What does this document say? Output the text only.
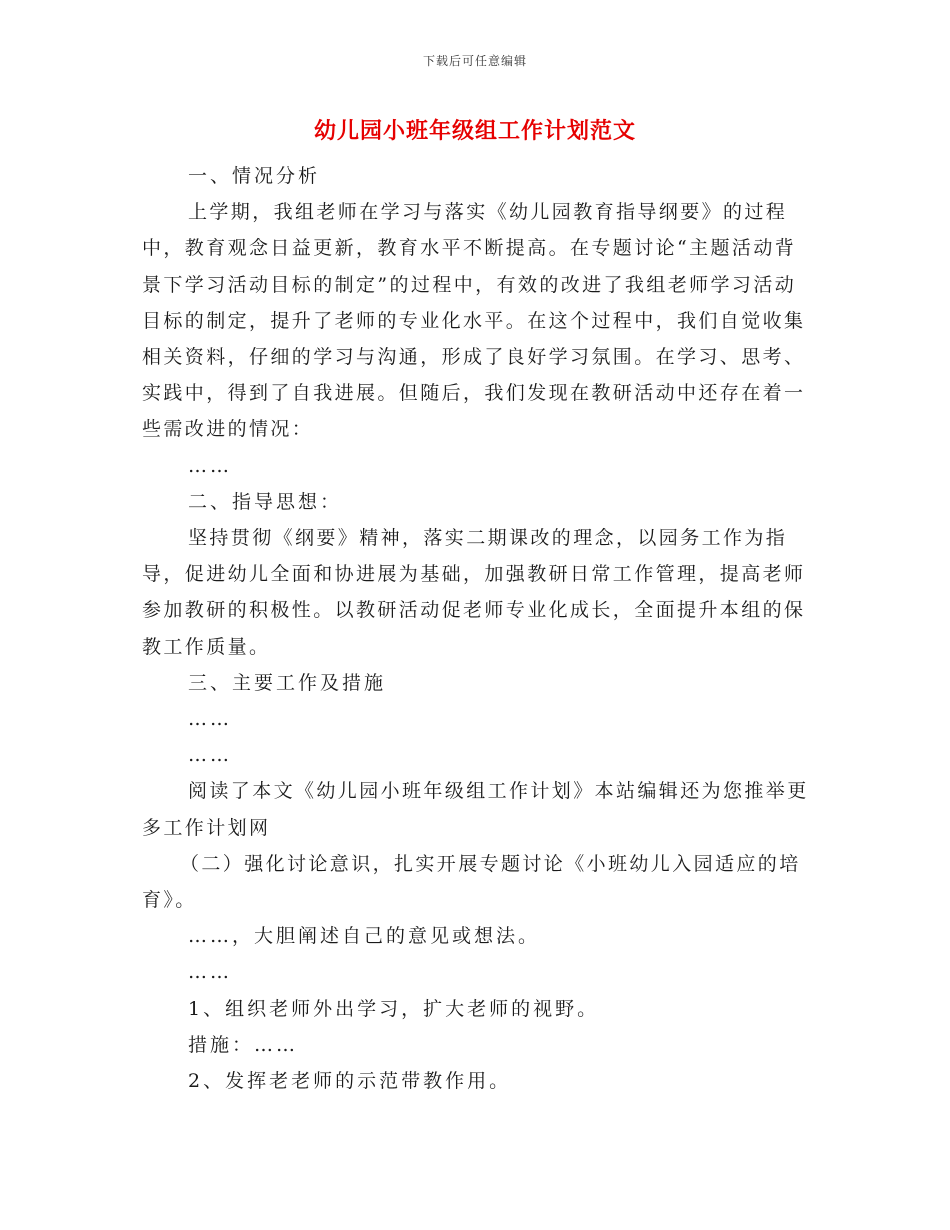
下载后可任意编辑
幼儿园小班年级组工作计划范文

一、情况分析

上学期，我组老师在学习与落实《幼儿园教育指导纲要》的过程中，教育观念日益更新，教育水平不断提高。在专题讨论“主题活动背景下学习活动目标的制定”的过程中，有效的改进了我组老师学习活动目标的制定，提升了老师的专业化水平。在这个过程中，我们自觉收集相关资料，仔细的学习与沟通，形成了良好学习氛围。在学习、思考、实践中，得到了自我进展。但随后，我们发现在教研活动中还存在着一些需改进的情况：

……

二、指导思想：

坚持贯彻《纲要》精神，落实二期课改的理念，以园务工作为指导，促进幼儿全面和协进展为基础，加强教研日常工作管理，提高老师参加教研的积极性。以教研活动促老师专业化成长，全面提升本组的保教工作质量。

三、主要工作及措施

……

……

阅读了本文《幼儿园小班年级组工作计划》本站编辑还为您推举更多工作计划网

（二）强化讨论意识，扎实开展专题讨论《小班幼儿入园适应的培育》。

……，大胆阐述自己的意见或想法。

……

1、组织老师外出学习，扩大老师的视野。

措施：……

2、发挥老老师的示范带教作用。
